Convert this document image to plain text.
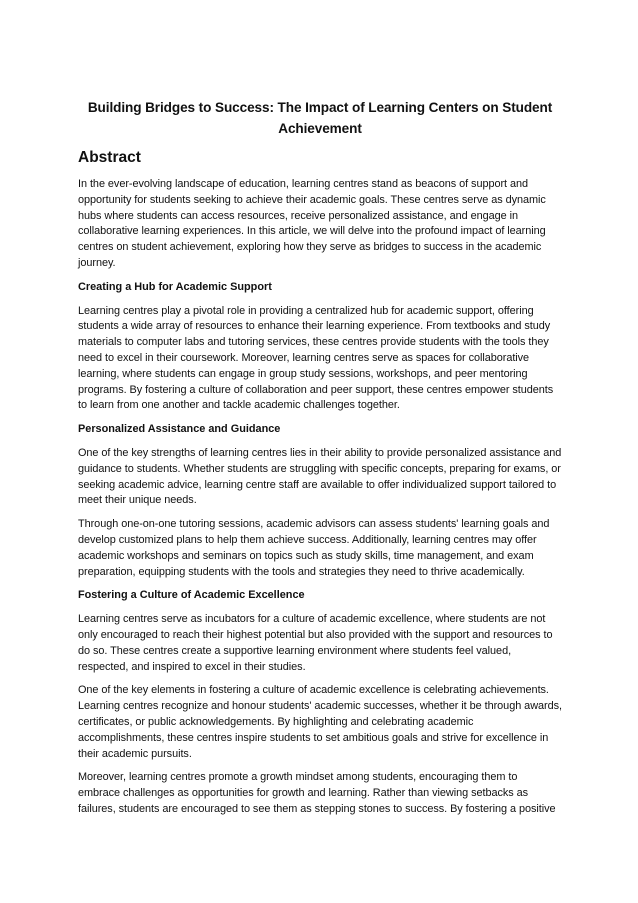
Building Bridges to Success: The Impact of Learning Centers on Student Achievement
Abstract

In the ever-evolving landscape of education, learning centres stand as beacons of support and opportunity for students seeking to achieve their academic goals. These centres serve as dynamic hubs where students can access resources, receive personalized assistance, and engage in collaborative learning experiences. In this article, we will delve into the profound impact of learning centres on student achievement, exploring how they serve as bridges to success in the academic journey.

Creating a Hub for Academic Support

Learning centres play a pivotal role in providing a centralized hub for academic support, offering students a wide array of resources to enhance their learning experience. From textbooks and study materials to computer labs and tutoring services, these centres provide students with the tools they need to excel in their coursework. Moreover, learning centres serve as spaces for collaborative learning, where students can engage in group study sessions, workshops, and peer mentoring programs. By fostering a culture of collaboration and peer support, these centres empower students to learn from one another and tackle academic challenges together.

Personalized Assistance and Guidance

One of the key strengths of learning centres lies in their ability to provide personalized assistance and guidance to students. Whether students are struggling with specific concepts, preparing for exams, or seeking academic advice, learning centre staff are available to offer individualized support tailored to meet their unique needs.

Through one-on-one tutoring sessions, academic advisors can assess students' learning goals and develop customized plans to help them achieve success. Additionally, learning centres may offer academic workshops and seminars on topics such as study skills, time management, and exam preparation, equipping students with the tools and strategies they need to thrive academically.

Fostering a Culture of Academic Excellence

Learning centres serve as incubators for a culture of academic excellence, where students are not only encouraged to reach their highest potential but also provided with the support and resources to do so. These centres create a supportive learning environment where students feel valued, respected, and inspired to excel in their studies.

One of the key elements in fostering a culture of academic excellence is celebrating achievements. Learning centres recognize and honour students' academic successes, whether it be through awards, certificates, or public acknowledgements. By highlighting and celebrating academic accomplishments, these centres inspire students to set ambitious goals and strive for excellence in their academic pursuits.

Moreover, learning centres promote a growth mindset among students, encouraging them to embrace challenges as opportunities for growth and learning. Rather than viewing setbacks as failures, students are encouraged to see them as stepping stones to success. By fostering a positive
